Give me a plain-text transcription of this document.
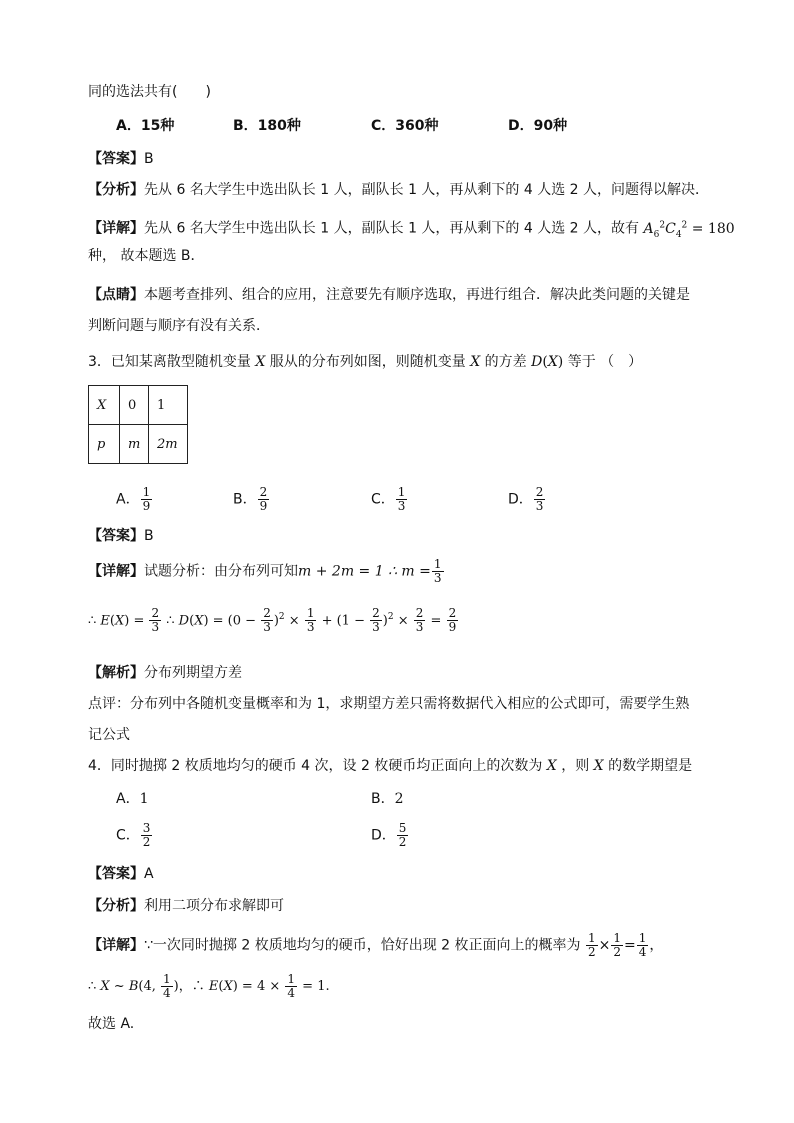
同的选法共有(　　)
A．15种	B．180种	C．360种	D．90种
【答案】B
【分析】先从 6 名大学生中选出队长 1 人，副队长 1 人，再从剩下的 4 人选 2 人，问题得以解决．
【详解】先从 6 名大学生中选出队长 1 人，副队长 1 人，再从剩下的 4 人选 2 人，故有 $A_6^2C_4^2 = 180$
种， 故本题选 B．
【点睛】本题考查排列、组合的应用，注意要先有顺序选取，再进行组合．解决此类问题的关键是
判断问题与顺序有没有关系．
3．已知某离散型随机变量 X 服从的分布列如图，则随机变量 X 的方差 D(X) 等于 （　）
X	0	1
p	m	2m
A． $\frac{1}{9}$	B． $\frac{2}{9}$	C． $\frac{1}{3}$	D． $\frac{2}{3}$
【答案】B
【详解】试题分析：由分布列可知m + 2m = 1 ∴ $m = \frac{1}{3}$
∴ $E(X) = \frac{2}{3}$ ∴ $D(X) = (0 - \frac{2}{3} )^2 \times \frac{1}{3} + (1 - \frac{2}{3} )^2 \times \frac{2}{3} = \frac{2}{9}$
【解析】分布列期望方差
点评：分布列中各随机变量概率和为 1，求期望方差只需将数据代入相应的公式即可，需要学生熟
记公式
4．同时抛掷 2 枚质地均匀的硬币 4 次，设 2 枚硬币均正面向上的次数为 X ，则 X 的数学期望是
A．1	B．2
C． $\frac{3}{2}$	D． $\frac{5}{2}$
【答案】A
【分析】利用二项分布求解即可
【详解】∵一次同时抛掷 2 枚质地均匀的硬币，恰好出现 2 枚正面向上的概率为 $\frac{1}{2} \times \frac{1}{2} = \frac{1}{4}$ ，
∴ X ~ B(4, $\frac{1}{4}$ )，∴ $E(X) = 4 \times \frac{1}{4} = 1$.
故选 A.
